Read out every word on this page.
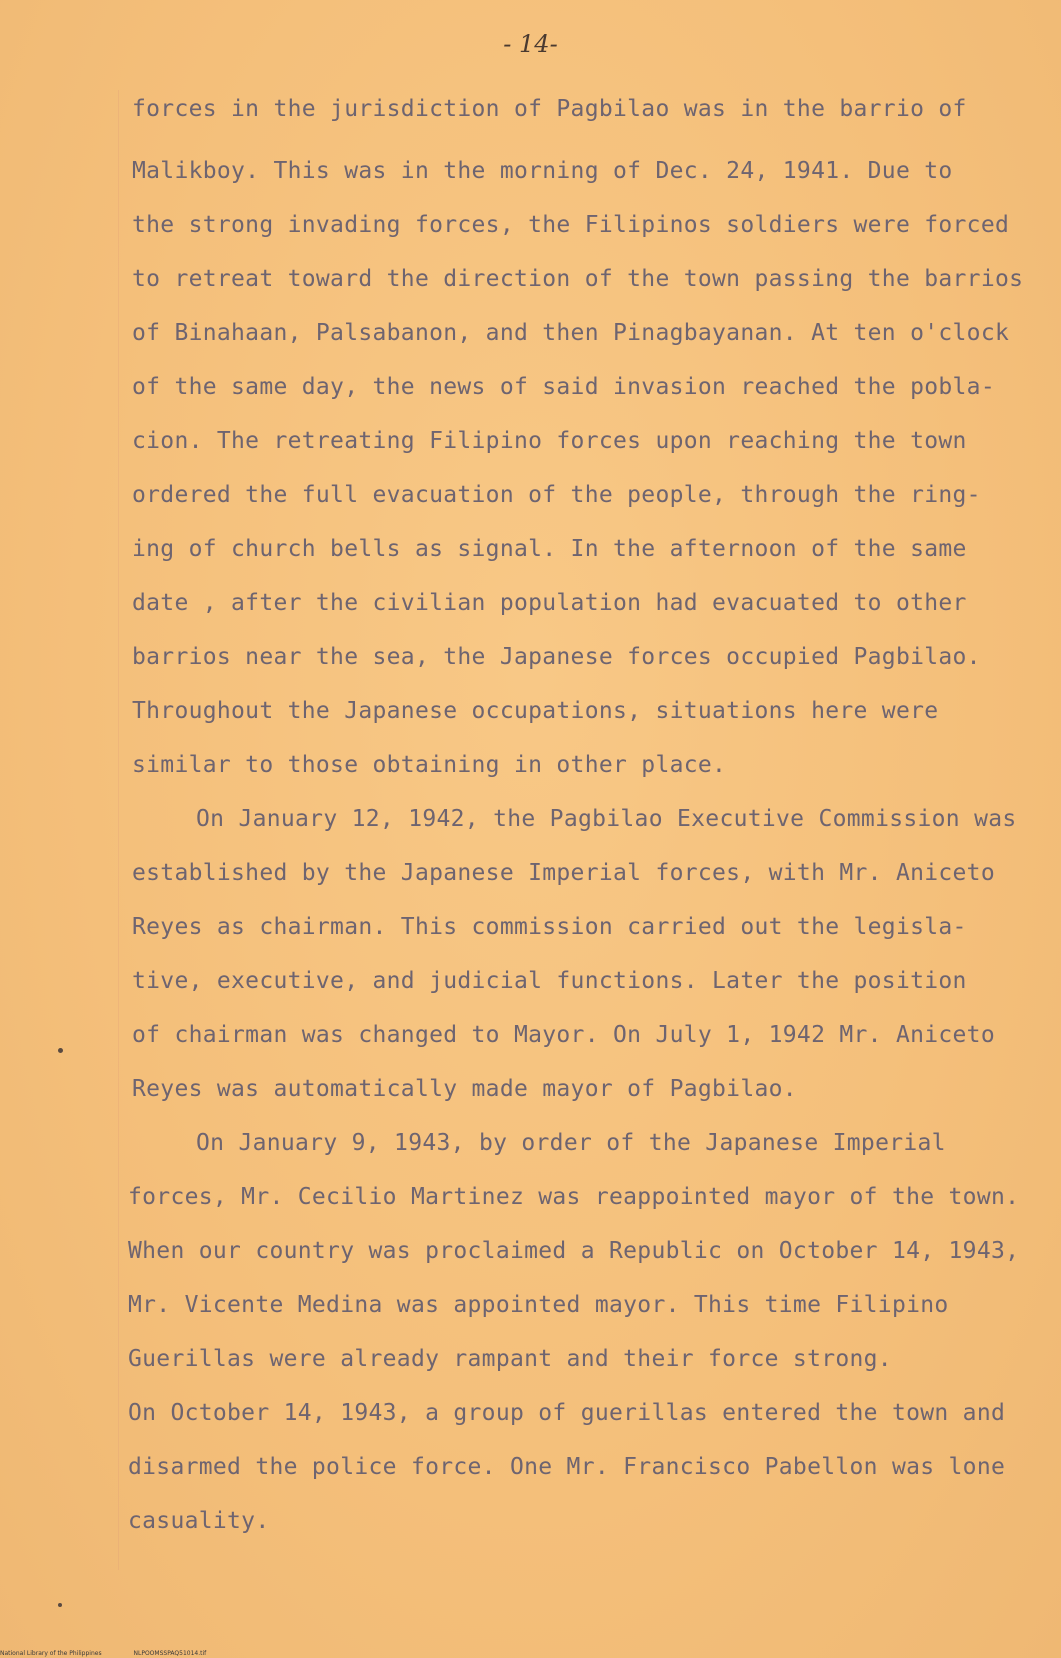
- 14-
forces in the jurisdiction of Pagbilao was in the barrio of
Malikboy. This was in the morning of Dec. 24, 1941. Due to
the strong invading forces, the Filipinos soldiers were forced
to retreat toward the direction of the town passing the barrios
of Binahaan, Palsabanon, and then Pinagbayanan. At ten o'clock
of the same day, the news of said invasion reached the pobla-
cion. The retreating Filipino forces upon reaching the town
ordered the full evacuation of the people, through the ring-
ing of church bells as signal. In the afternoon of the same
date , after the civilian population had evacuated to other
barrios near the sea, the Japanese forces occupied Pagbilao.
Throughout the Japanese occupations, situations here were
similar to those obtaining in other place.
On January 12, 1942, the Pagbilao Executive Commission was
established by the Japanese Imperial forces, with Mr. Aniceto
Reyes as chairman. This commission carried out the legisla-
tive, executive, and judicial functions. Later the position
of chairman was changed to Mayor. On July 1, 1942 Mr. Aniceto
Reyes was automatically made mayor of Pagbilao.
On January 9, 1943, by order of the Japanese Imperial
forces, Mr. Cecilio Martinez was reappointed mayor of the town.
When our country was proclaimed a Republic on October 14, 1943,
Mr. Vicente Medina was appointed mayor. This time Filipino
Guerillas were already rampant and their force strong.
On October 14, 1943, a group of guerillas entered the town and
disarmed the police force. One Mr. Francisco Pabellon was lone
casuality.
National Library of the Philippines	NLPOOMSSPAQ51014.tif
